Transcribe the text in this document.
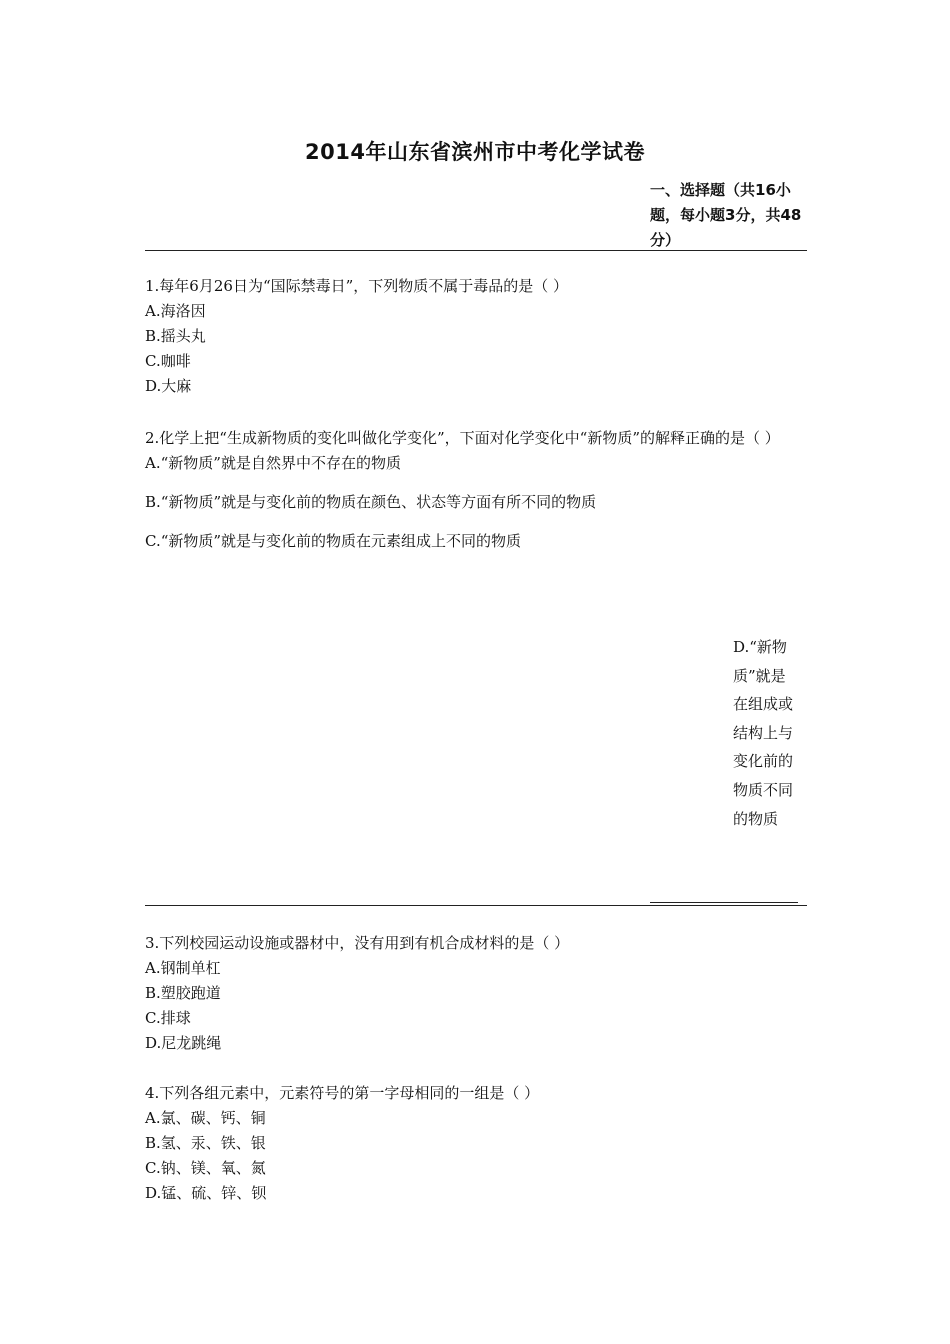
2014年山东省滨州市中考化学试卷
一、选择题（共16小题，每小题3分，共48分）
1.每年6月26日为“国际禁毒日”，下列物质不属于毒品的是（ ）
A.海洛因
B.摇头丸
C.咖啡
D.大麻
2.化学上把“生成新物质的变化叫做化学变化”，下面对化学变化中“新物质”的解释正确的是（ ）
A.“新物质”就是自然界中不存在的物质
B.“新物质”就是与变化前的物质在颜色、状态等方面有所不同的物质
C.“新物质”就是与变化前的物质在元素组成上不同的物质
D.“新物质”就是在组成或结构上与变化前的物质不同的物质
3.下列校园运动设施或器材中，没有用到有机合成材料的是（ ）
A.钢制单杠
B.塑胶跑道
C.排球
D.尼龙跳绳
4.下列各组元素中，元素符号的第一字母相同的一组是（ ）
A.氯、碳、钙、铜
B.氢、汞、铁、银
C.钠、镁、氧、氮
D.锰、硫、锌、钡
